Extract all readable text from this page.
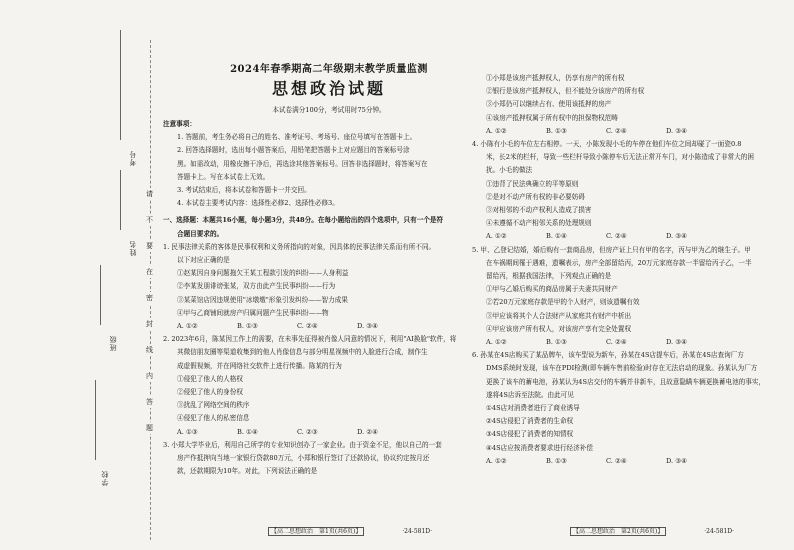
考号
姓名
班级
学校
请
不
要
在
密
封
线
内
答
题
2024年春季期高二年级期末教学质量监测
思想政治试题
本试卷满分100分，考试用时75分钟。

注意事项：

1. 答题前，考生务必将自己的姓名、准考证号、考场号、座位号填写在答题卡上。

2. 回答选择题时，选出每小题答案后，用铅笔把答题卡上对应题目的答案标号涂

黑。如需改动，用橡皮擦干净后，再选涂其他答案标号。回答非选择题时，将答案写在

答题卡上。写在本试卷上无效。

3. 考试结束后，将本试卷和答题卡一并交回。

4. 本试卷主要考试内容：选择性必修2、选择性必修3。

一、选择题：本题共16小题，每小题3分，共48分。在每小题给出的四个选项中，只有一个是符

合题目要求的。

1. 民事法律关系的客体是民事权利和义务所指向的对象，因具体的民事法律关系而有所不同。

以下对应正确的是

①赵某因自身问题拖欠王某工程款引发的纠纷——人身利益

②李某发朋诽谤张某，双方由此产生民事纠纷——行为

③某菜馆店因违规使用"冰墩墩"形象引发纠纷——智力成果

④甲与乙商铺间就房产归属问题产生民事纠纷——物

A. ①②	B. ①③	C. ②④	D. ③④

2. 2023年6月，陈某因工作上的需要，在未事先征得被肖像人同意的情况下，利用"AI换脸"软件，将

其微信朋友圈等渠道收集到的他人肖像信息与部分明星视频中的人脸进行合成，制作生

成虚假视频，并在网络社交软件上进行传播。陈某的行为

①侵犯了他人的人格权

②侵犯了他人的身份权

③扰乱了网络空间的秩序

④侵犯了他人的私密信息

A. ①③	B. ①④	C. ②③	D. ②④

3. 小郑大学毕业后，利用自己所学的专业知识创办了一家企业。由于资金不足，他以自己的一套

房产作抵押向当地一家银行贷款80万元，小郑和银行签订了还款协议，协议约定按月还

款，还款期限为10年。对此，下列说法正确的是

①小郑是该房产抵押权人，仍享有房产的所有权

②银行是该房产抵押权人，但不能处分该房产的所有权

③小郑仍可以继续占有、使用该抵押的房产

④该房产抵押权属于所有权中的担保物权范畴

A. ①②	B. ①③	C. ②④	D. ③④

4. 小陈有小毛的车位左右相停。一天，小陈发现小毛的车停在他们车位之间却碰了一面瓷0.8

米，长2米的栏杆，导致一些栏杆导致小陈停车后无法正常开车门，对小陈造成了非常大的困

扰。小毛的做法

①违背了民法典确立的平等原则

②是对不动产所有权的非必要妨碍

③对相邻的不动产权利人造成了损害

④未遵循不动产相邻关系的处理规则

A. ①②	B. ①④	C. ②④	D. ③④

5. 甲、乙登记结婚，婚后购有一套商品房，但房产证上只有甲的名字，丙与甲为乙的继生子。甲

在车祸期间罹于遇难，遗嘱表示，房产全部留给丙，20万元家庭存款一半留给丙子乙，一半

留给丙，根据我国法律，下列观点正确的是

①甲与乙婚后购买的商品房属于夫妻共同财产

②若20万元家庭存款是甲的个人财产，则该遗嘱有效

③甲应该将其个人合法财产从家庭共有财产中析出

④甲应该房产所有权人，对该房产享有完全处置权

A. ①②	B. ①③	C. ②④	D. ③④

6. 孙某在4S店购买了某品牌车，该车型说为新车，孙某在4S店提车后，孙某在4S店查询厂方

DMS系统时发现，该车在PDI检测(即车辆车售前检验)时存在无法启动的现象。孙某认为厂方

更换了该车的蓄电池，孙某认为4S店交付的车辆并非新车，且故意隐瞒车辆更换蓄电池的事实，

遂将4S店诉至法院。由此可见

①4S店对消费者进行了商业诱导

②4S店侵犯了消费者的生命权

③4S店侵犯了消费者的知情权

④4S店应按消费者要求进行经济补偿

A. ①②	B. ①③	C. ②④	D. ③④

【高二思想政治　第1页(共6页)】	·24-581D·	【高二思想政治　第2页(共6页)】	·24-581D·
